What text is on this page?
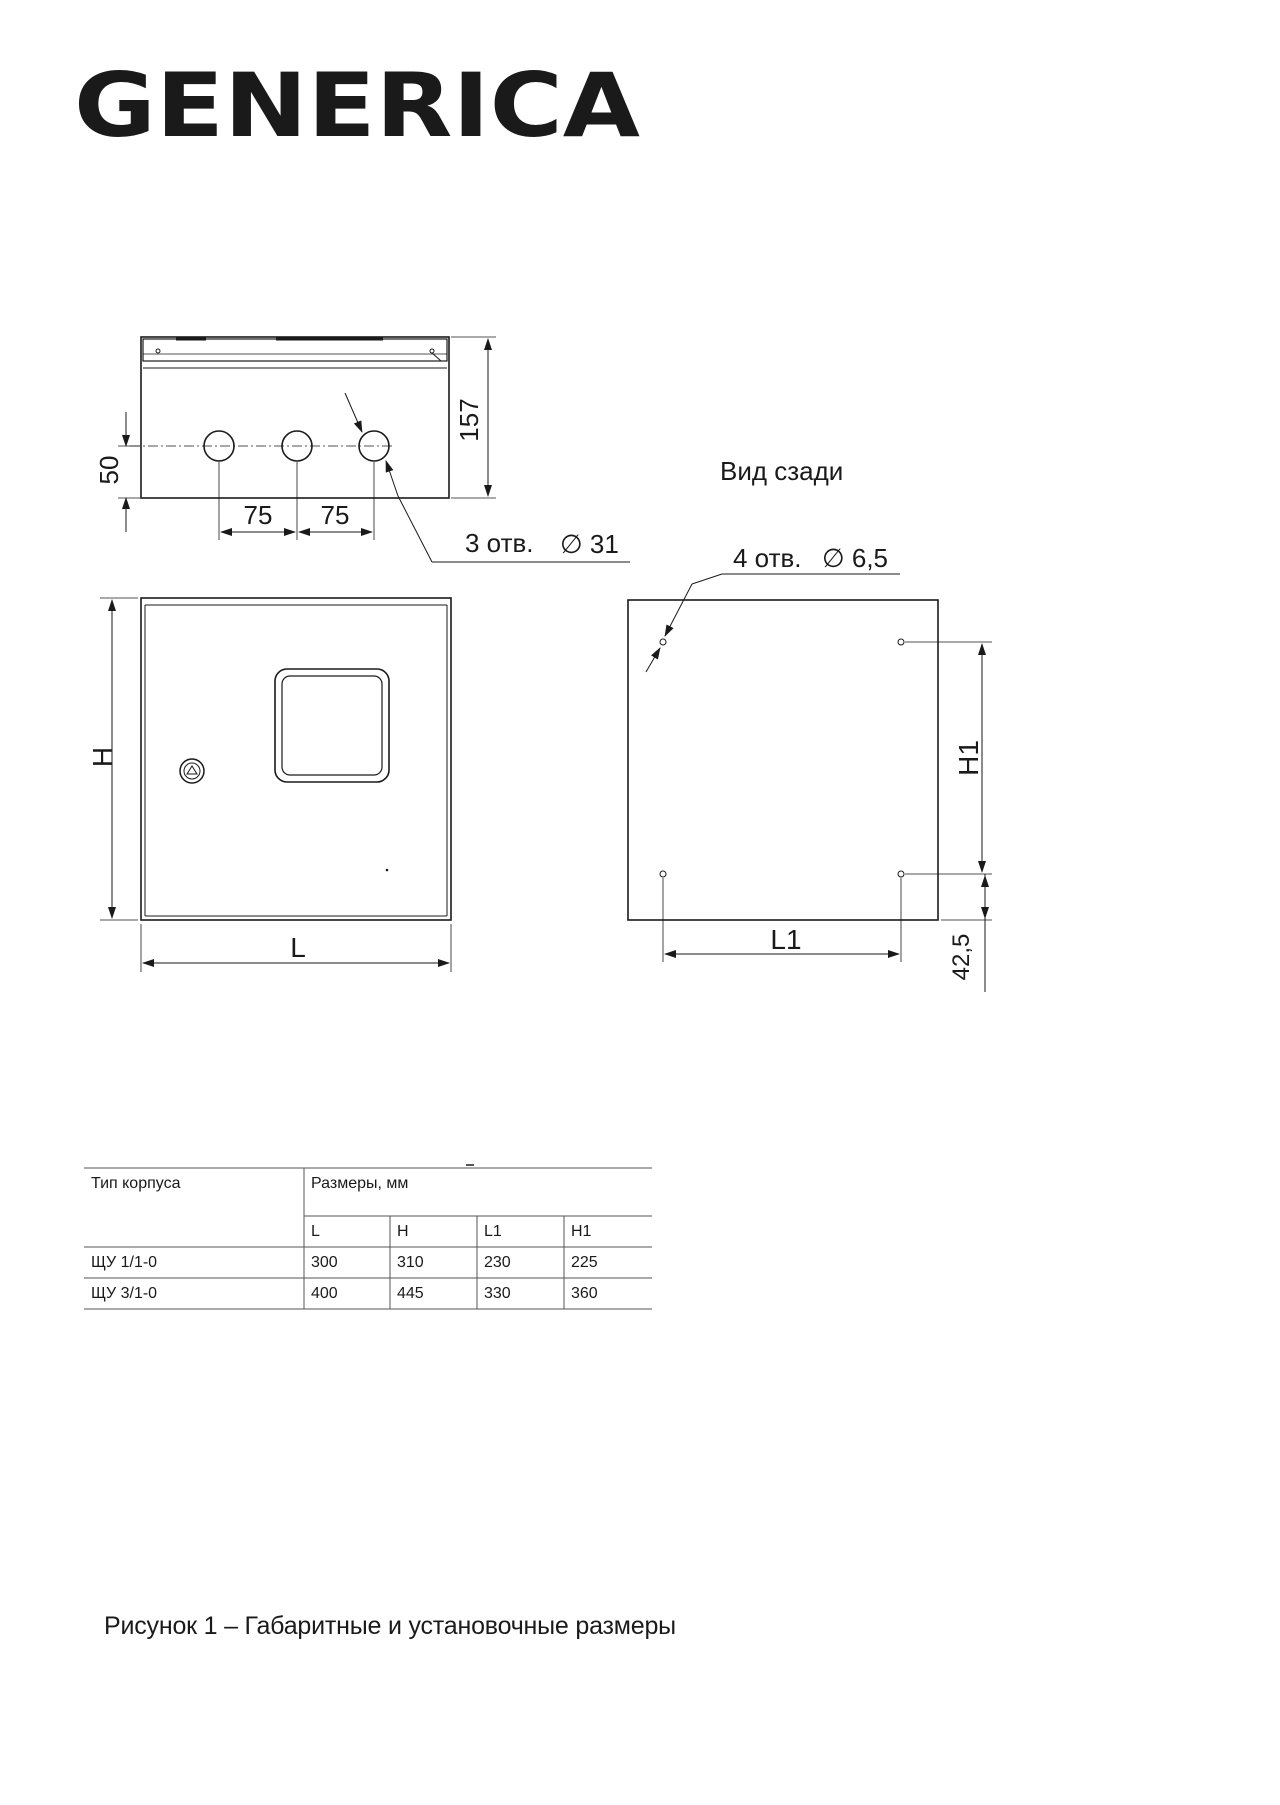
GENERICA
157
50
75 75
3 отв. ∅ 31
H
L
Вид сзади
4 отв. ∅ 6,5
H1
L1	42,5
Тип корпуса	Размеры, мм
L	H	L1	H1
ЩУ 1/1-0	300	310	230	225
ЩУ 3/1-0	400	445	330	360
Рисунок 1 – Габаритные и установочные размеры
